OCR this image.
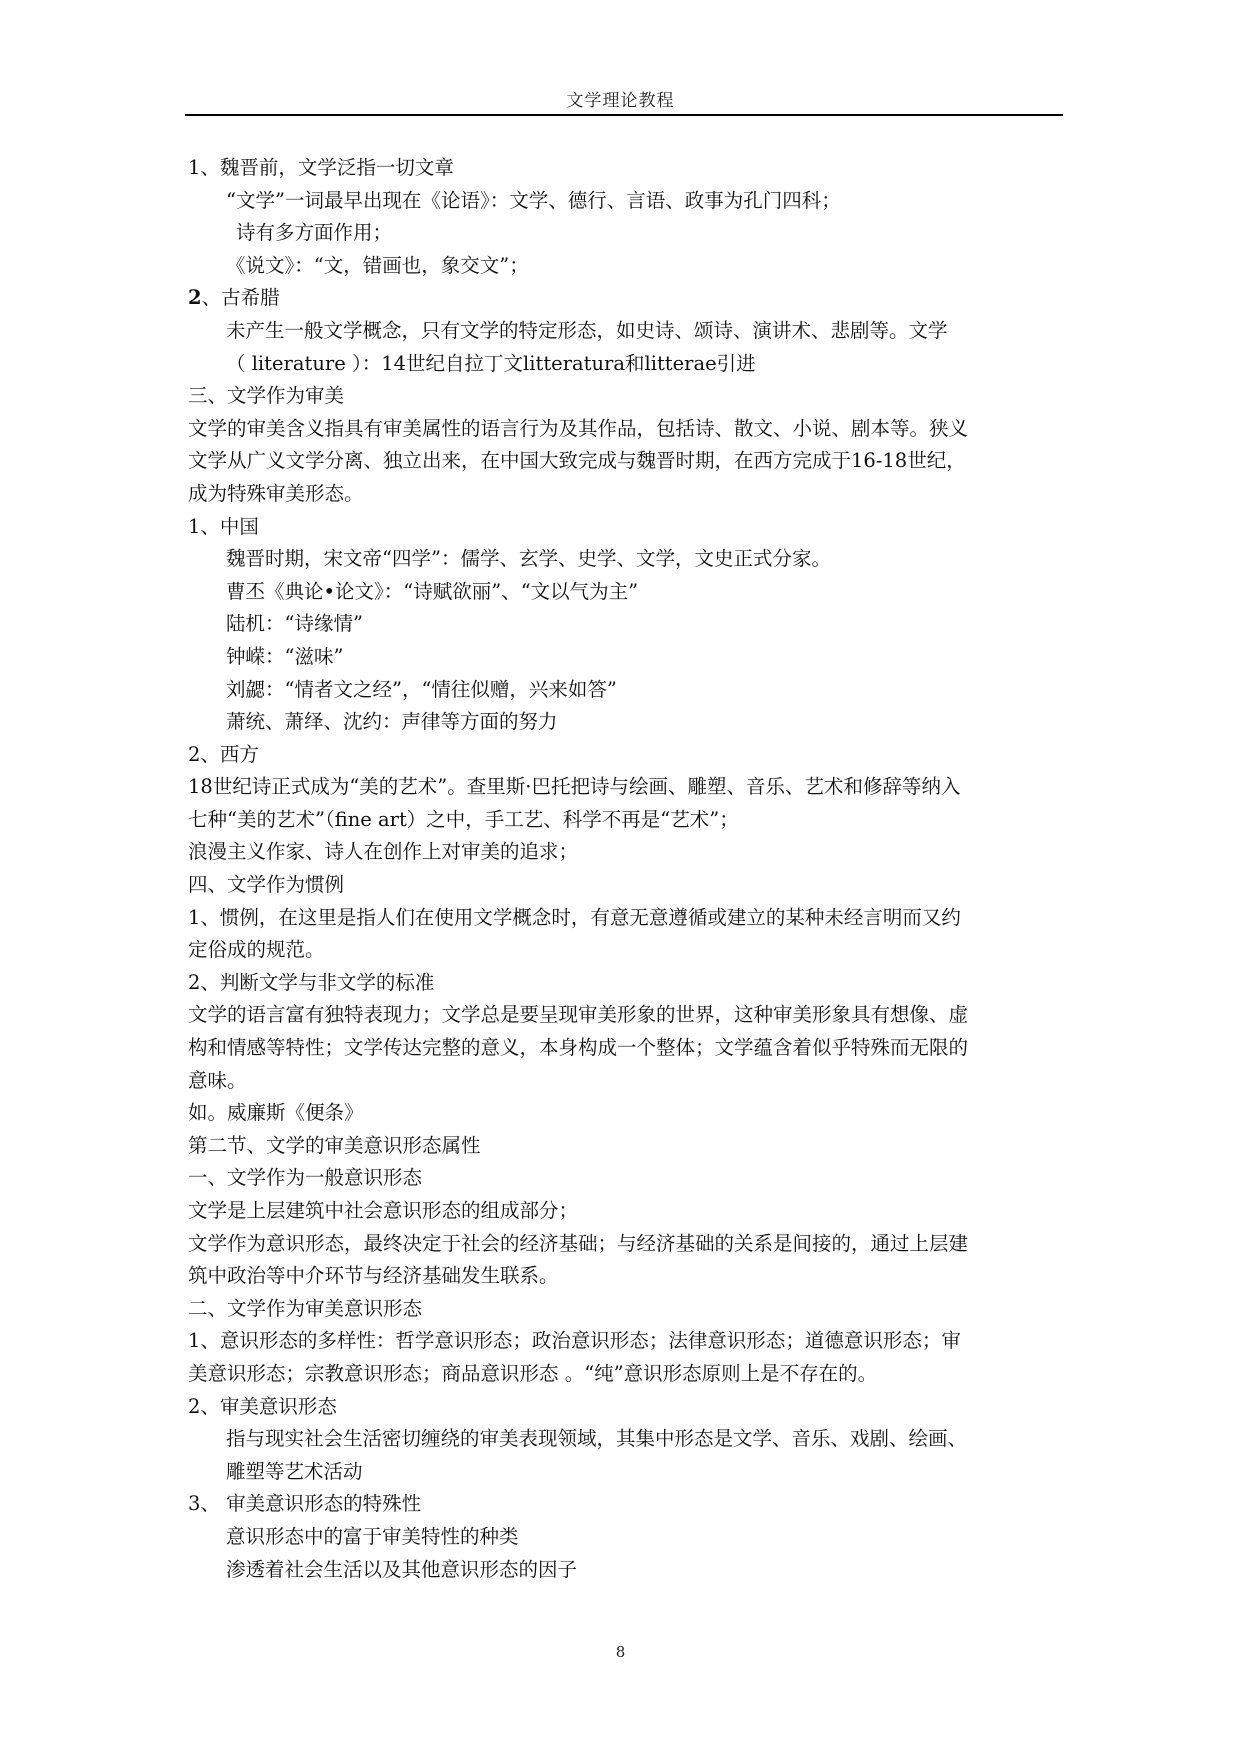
文学理论教程
1、魏晋前，文学泛指一切文章
“文学”一词最早出现在《论语》：文学、德行、言语、政事为孔门四科；
诗有多方面作用；
《说文》：“文，错画也，象交文”；
2、古希腊
未产生一般文学概念，只有文学的特定形态，如史诗、颂诗、演讲术、悲剧等。文学
（ literature ）：14世纪自拉丁文litteratura和litterae引进
三、文学作为审美
文学的审美含义指具有审美属性的语言行为及其作品，包括诗、散文、小说、剧本等。狭义
文学从广义文学分离、独立出来，在中国大致完成与魏晋时期，在西方完成于16-18世纪，
成为特殊审美形态。
1、中国
魏晋时期，宋文帝“四学”：儒学、玄学、史学、文学，文史正式分家。
曹丕《典论•论文》：“诗赋欲丽”、“文以气为主”
陆机：“诗缘情”
钟嵘：“滋味”
刘勰：“情者文之经”，“情往似赠，兴来如答”
萧统、萧绎、沈约：声律等方面的努力
2、西方
18世纪诗正式成为“美的艺术”。查里斯·巴托把诗与绘画、雕塑、音乐、艺术和修辞等纳入
七种“美的艺术”（fine art）之中，手工艺、科学不再是“艺术”；
浪漫主义作家、诗人在创作上对审美的追求；
四、文学作为惯例
1、惯例，在这里是指人们在使用文学概念时，有意无意遵循或建立的某种未经言明而又约
定俗成的规范。
2、判断文学与非文学的标准
文学的语言富有独特表现力；文学总是要呈现审美形象的世界，这种审美形象具有想像、虚
构和情感等特性；文学传达完整的意义，本身构成一个整体；文学蕴含着似乎特殊而无限的
意味。
如。威廉斯《便条》
第二节、文学的审美意识形态属性
一、文学作为一般意识形态
文学是上层建筑中社会意识形态的组成部分；
文学作为意识形态，最终决定于社会的经济基础；与经济基础的关系是间接的，通过上层建
筑中政治等中介环节与经济基础发生联系。
二、文学作为审美意识形态
1、意识形态的多样性：哲学意识形态；政治意识形态；法律意识形态；道德意识形态；审
美意识形态；宗教意识形态；商品意识形态 。“纯”意识形态原则上是不存在的。
2、审美意识形态
指与现实社会生活密切缠绕的审美表现领域，其集中形态是文学、音乐、戏剧、绘画、
雕塑等艺术活动
3、 审美意识形态的特殊性
意识形态中的富于审美特性的种类
渗透着社会生活以及其他意识形态的因子
8
